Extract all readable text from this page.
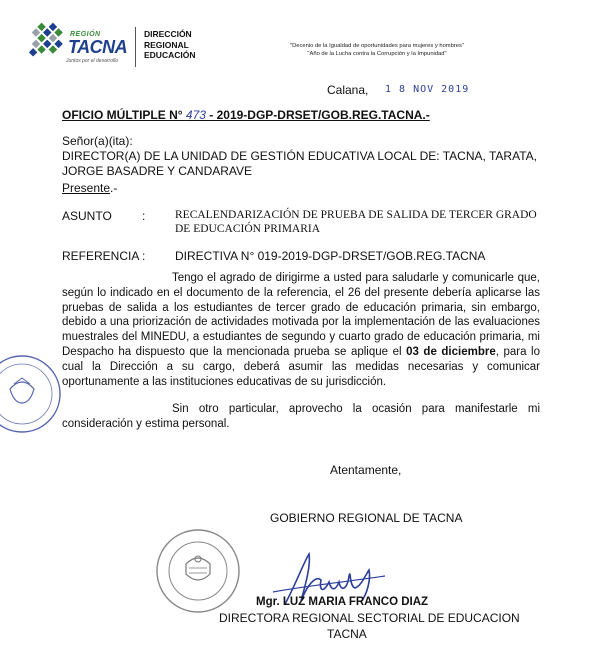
REGIÓN
TACNA
Juntos por el desarrollo
DIRECCIÓN
REGIONAL
EDUCACIÓN
"Decenio de la Igualdad de oportunidades para mujeres y hombres"
"Año de la Lucha contra la Corrupción y la Impunidad"
Calana, 1 8 NOV 2019
OFICIO MÚLTIPLE N° 473 - 2019-DGP-DRSET/GOB.REG.TACNA.-
Señor(a)(ita):
DIRECTOR(A) DE LA UNIDAD DE GESTIÓN EDUCATIVA LOCAL DE: TACNA, TARATA, JORGE BASADRE Y CANDARAVE
Presente.-
ASUNTO	:	RECALENDARIZACIÓN DE PRUEBA DE SALIDA DE TERCER GRADO DE EDUCACIÓN PRIMARIA
REFERENCIA : DIRECTIVA N° 019-2019-DGP-DRSET/GOB.REG.TACNA
Tengo el agrado de dirigirme a usted para saludarle y comunicarle que, según lo indicado en el documento de la referencia, el 26 del presente debería aplicarse las pruebas de salida a los estudiantes de tercer grado de educación primaria, sin embargo, debido a una priorización de actividades motivada por la implementación de las evaluaciones muestrales del MINEDU, a estudiantes de segundo y cuarto grado de educación primaria, mi Despacho ha dispuesto que la mencionada prueba se aplique el 03 de diciembre, para lo cual la Dirección a su cargo, deberá asumir las medidas necesarias y comunicar oportunamente a las instituciones educativas de su jurisdicción.
Sin otro particular, aprovecho la ocasión para manifestarle mi consideración y estima personal.
Atentamente,
GOBIERNO REGIONAL DE TACNA
Mgr. LUZ MARIA FRANCO DIAZ
DIRECTORA REGIONAL SECTORIAL DE EDUCACION
TACNA
